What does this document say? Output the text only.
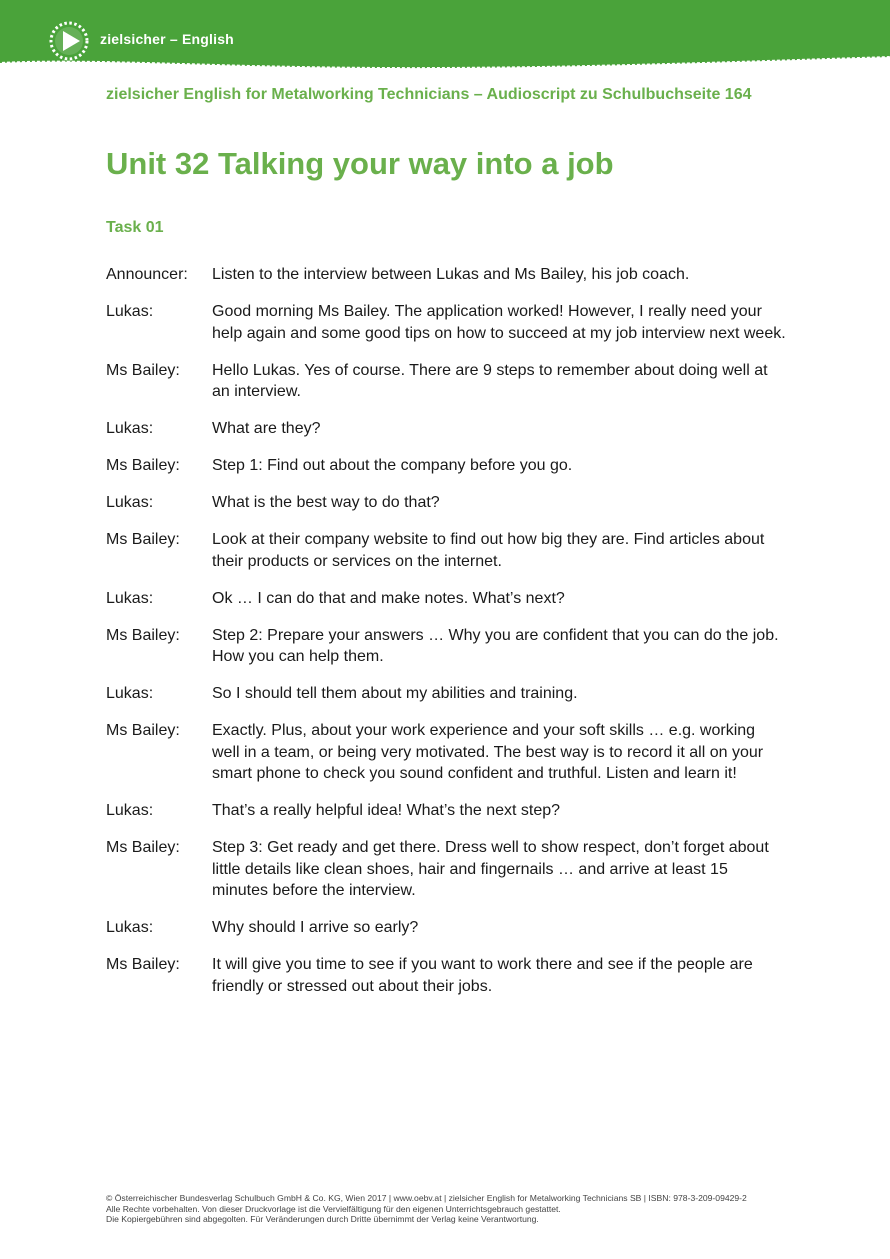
zielsicher – English
zielsicher English for Metalworking Technicians – Audioscript zu Schulbuchseite 164
Unit 32 Talking your way into a job
Task 01
Announcer:	Listen to the interview between Lukas and Ms Bailey, his job coach.
Lukas:	Good morning Ms Bailey. The application worked! However, I really need your help again and some good tips on how to succeed at my job interview next week.
Ms Bailey:	Hello Lukas. Yes of course. There are 9 steps to remember about doing well at an interview.
Lukas:	What are they?
Ms Bailey:	Step 1: Find out about the company before you go.
Lukas:	What is the best way to do that?
Ms Bailey:	Look at their company website to find out how big they are. Find articles about their products or services on the internet.
Lukas:	Ok … I can do that and make notes. What’s next?
Ms Bailey:	Step 2: Prepare your answers … Why you are confident that you can do the job. How you can help them.
Lukas:	So I should tell them about my abilities and training.
Ms Bailey:	Exactly. Plus, about your work experience and your soft skills … e.g. working well in a team, or being very motivated. The best way is to record it all on your smart phone to check you sound confident and truthful. Listen and learn it!
Lukas:	That’s a really helpful idea! What’s the next step?
Ms Bailey:	Step 3: Get ready and get there. Dress well to show respect, don’t forget about little details like clean shoes, hair and fingernails … and arrive at least 15 minutes before the interview.
Lukas:	Why should I arrive so early?
Ms Bailey:	It will give you time to see if you want to work there and see if the people are friendly or stressed out about their jobs.
© Österreichischer Bundesverlag Schulbuch GmbH & Co. KG, Wien 2017 | www.oebv.at | zielsicher English for Metalworking Technicians SB | ISBN: 978-3-209-09429-2
Alle Rechte vorbehalten. Von dieser Druckvorlage ist die Vervielfältigung für den eigenen Unterrichtsgebrauch gestattet.
Die Kopiergebühren sind abgegolten. Für Veränderungen durch Dritte übernimmt der Verlag keine Verantwortung.
